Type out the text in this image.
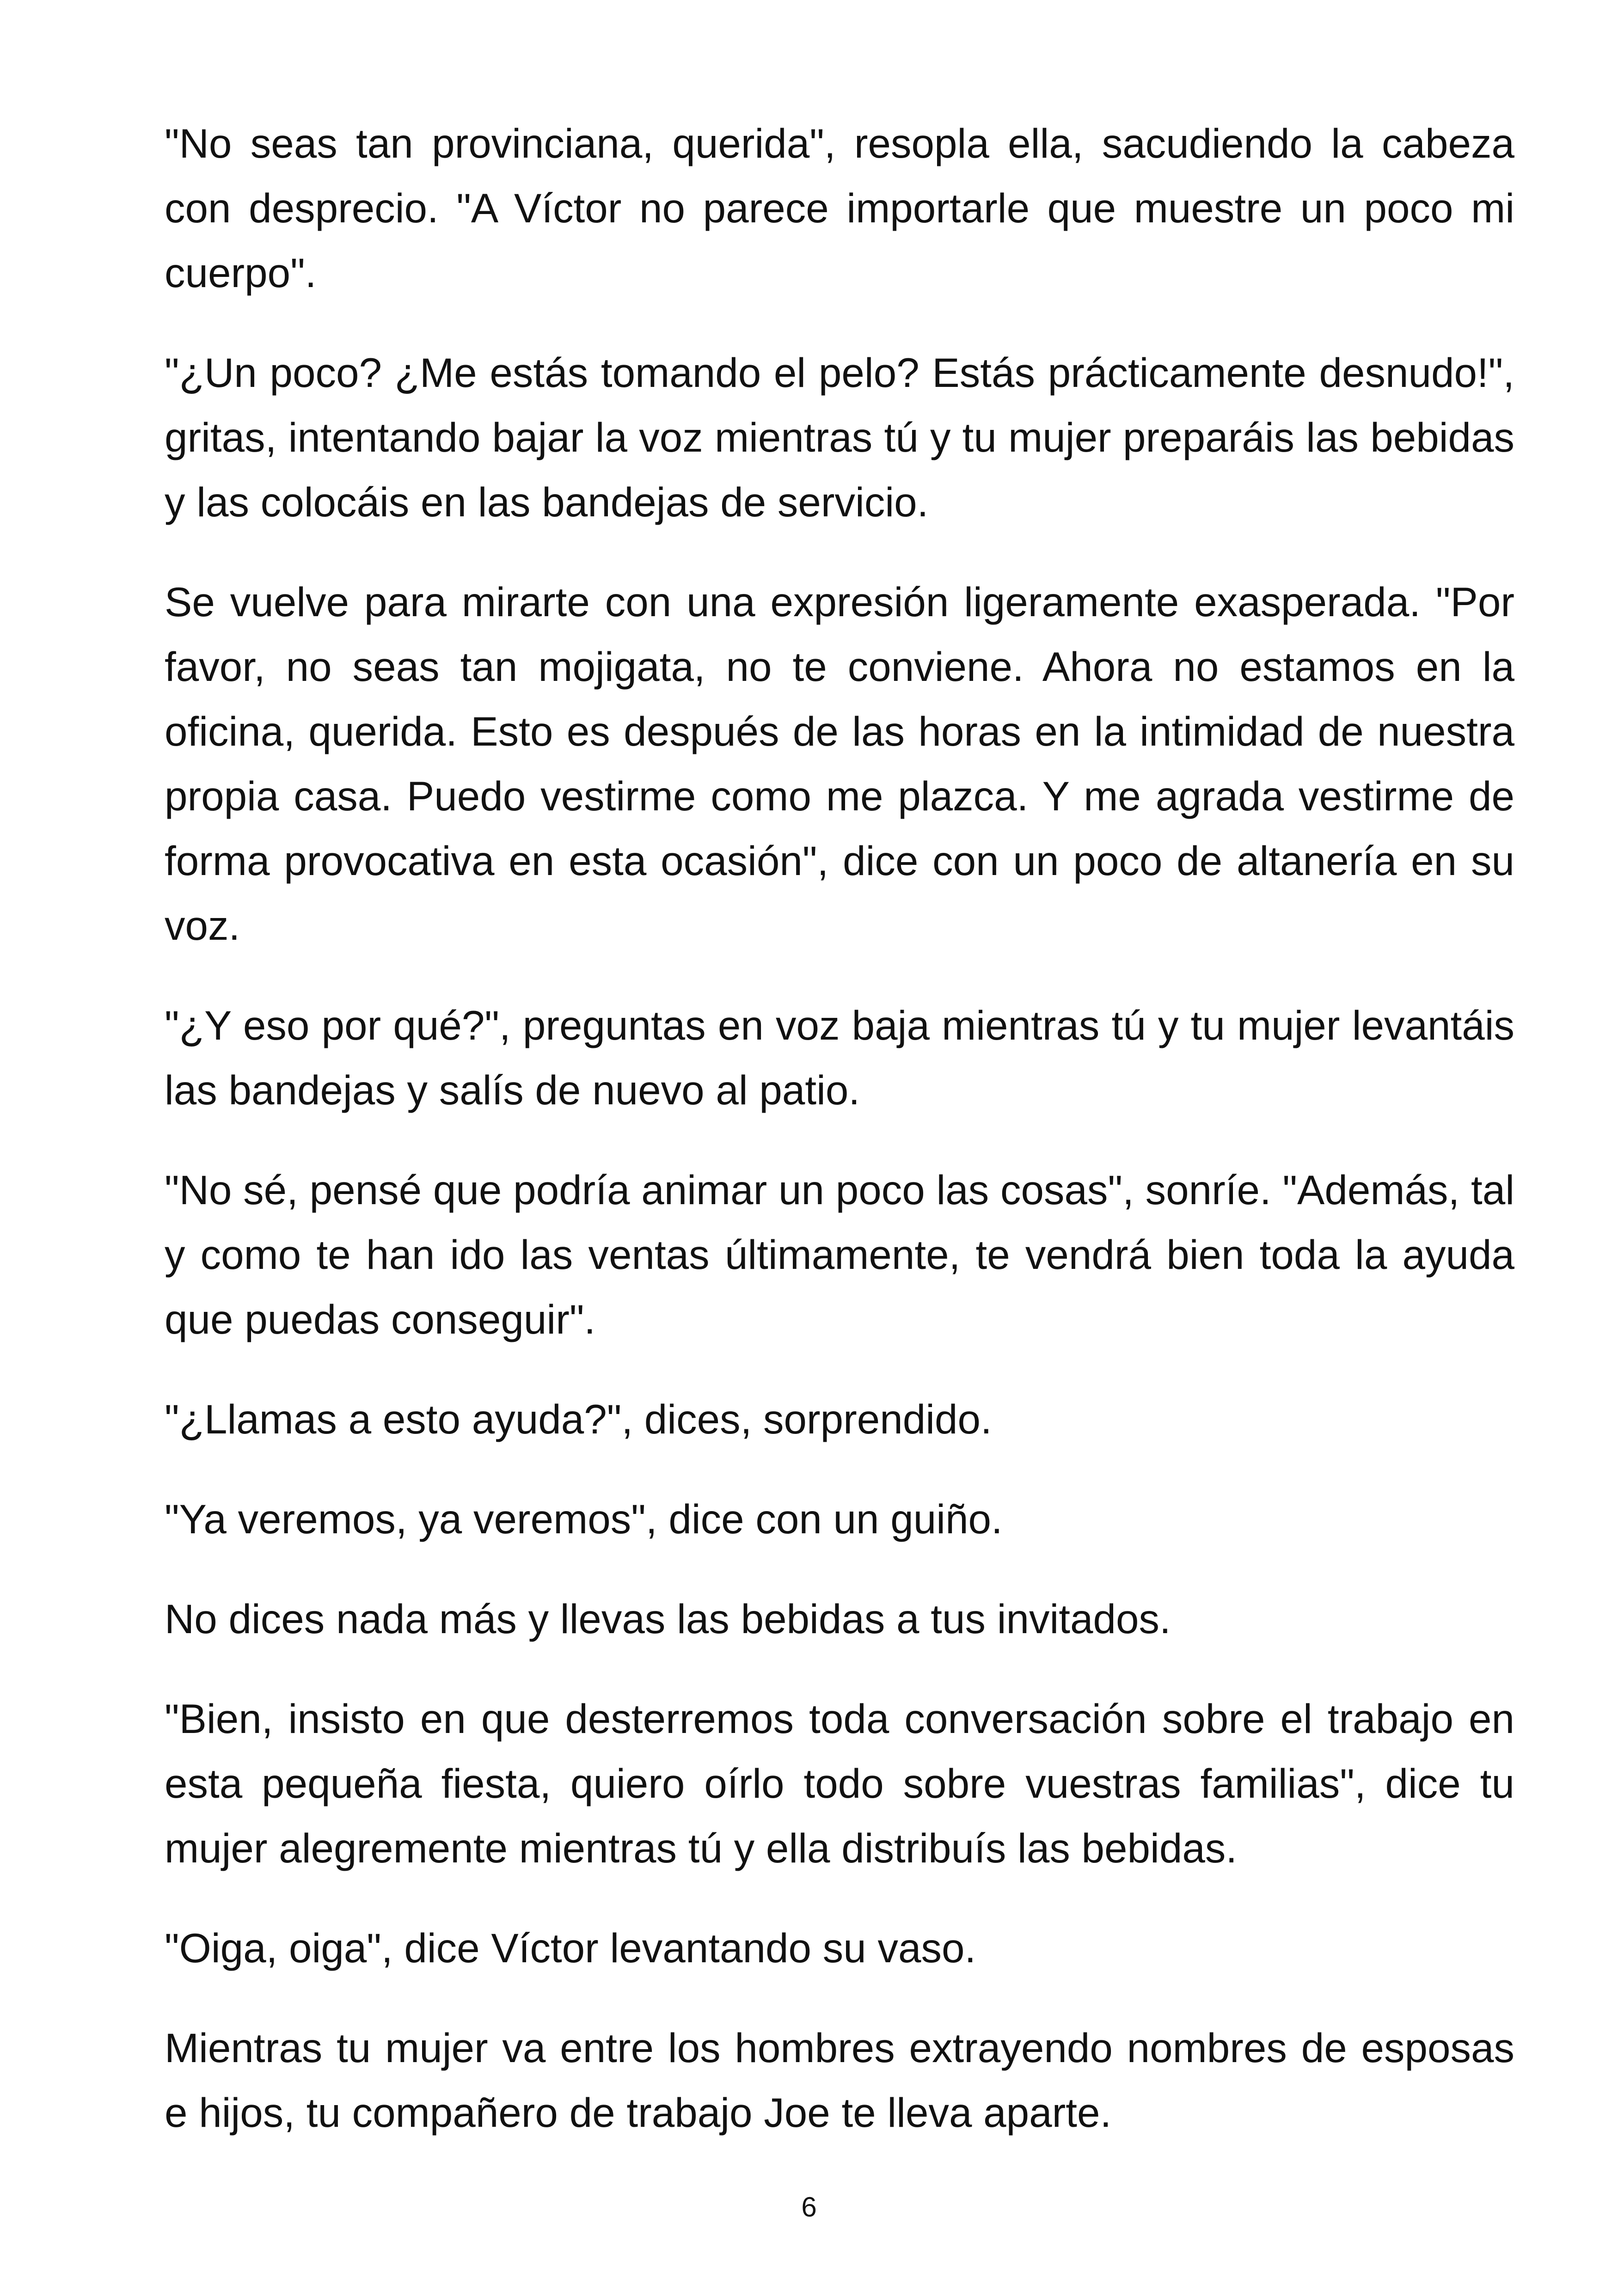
"No seas tan provinciana, querida", resopla ella, sacudiendo la cabeza con desprecio. "A Víctor no parece importarle que muestre un poco mi cuerpo".

"¿Un poco? ¿Me estás tomando el pelo? Estás prácticamente desnudo!", gritas, intentando bajar la voz mientras tú y tu mujer preparáis las bebidas y las colocáis en las bandejas de servicio.

Se vuelve para mirarte con una expresión ligeramente exasperada. "Por favor, no seas tan mojigata, no te conviene. Ahora no estamos en la oficina, querida. Esto es después de las horas en la intimidad de nuestra propia casa. Puedo vestirme como me plazca. Y me agrada vestirme de forma provocativa en esta ocasión", dice con un poco de altanería en su voz.

"¿Y eso por qué?", preguntas en voz baja mientras tú y tu mujer levantáis las bandejas y salís de nuevo al patio.

"No sé, pensé que podría animar un poco las cosas", sonríe. "Además, tal y como te han ido las ventas últimamente, te vendrá bien toda la ayuda que puedas conseguir".

"¿Llamas a esto ayuda?", dices, sorprendido.

"Ya veremos, ya veremos", dice con un guiño.

No dices nada más y llevas las bebidas a tus invitados.

"Bien, insisto en que desterremos toda conversación sobre el trabajo en esta pequeña fiesta, quiero oírlo todo sobre vuestras familias", dice tu mujer alegremente mientras tú y ella distribuís las bebidas.

"Oiga, oiga", dice Víctor levantando su vaso.

Mientras tu mujer va entre los hombres extrayendo nombres de esposas e hijos, tu compañero de trabajo Joe te lleva aparte.

6
